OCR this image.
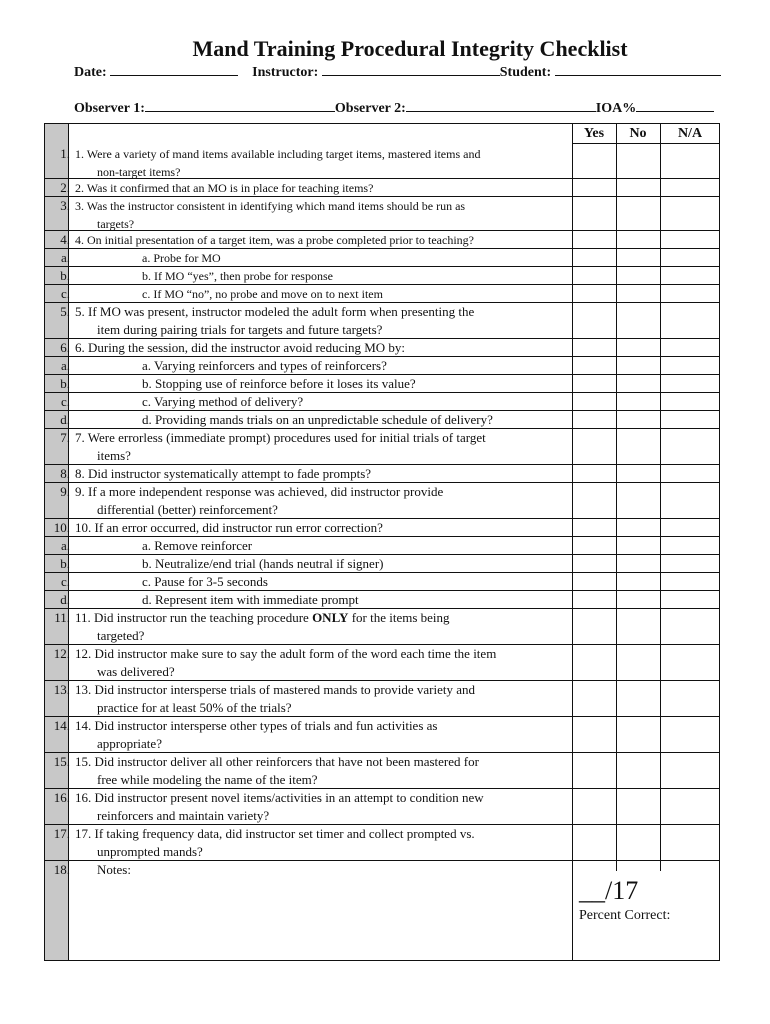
Mand Training Procedural Integrity Checklist
Date:	Instructor:	Student:
Observer 1:	Observer 2:	IOA%
Yes	No	N/A
1. 1. Were a variety of mand items available including target items, mastered items and
non-target items?
2. 2. Was it confirmed that an MO is in place for teaching items?
3. 3. Was the instructor consistent in identifying which mand items should be run as
targets?
4. 4. On initial presentation of a target item, was a probe completed prior to teaching?
a.	a. Probe for MO
b.	b. If MO “yes”, then probe for response
c.	c. If MO “no”, no probe and move on to next item
5. 5. If MO was present, instructor modeled the adult form when presenting the
item during pairing trials for targets and future targets?
6. 6. During the session, did the instructor avoid reducing MO by:
a.	a. Varying reinforcers and types of reinforcers?
b.	b. Stopping use of reinforce before it loses its value?
c.	c. Varying method of delivery?
d.	d. Providing mands trials on an unpredictable schedule of delivery?
7. 7. Were errorless (immediate prompt) procedures used for initial trials of target
items?
8. 8. Did instructor systematically attempt to fade prompts?
9. 9. If a more independent response was achieved, did instructor provide
differential (better) reinforcement?
10. 10. If an error occurred, did instructor run error correction?
a.	a. Remove reinforcer
b.	b. Neutralize/end trial (hands neutral if signer)
c.	c. Pause for 3-5 seconds
d.	d. Represent item with immediate prompt
11. 11. Did instructor run the teaching procedure ONLY for the items being
targeted?
12. 12. Did instructor make sure to say the adult form of the word each time the item
was delivered?
13. 13. Did instructor intersperse trials of mastered mands to provide variety and
practice for at least 50% of the trials?
14. 14. Did instructor intersperse other types of trials and fun activities as
appropriate?
15. 15. Did instructor deliver all other reinforcers that have not been mastered for
free while modeling the name of the item?
16. 16. Did instructor present novel items/activities in an attempt to condition new
reinforcers and maintain variety?
17. 17. If taking frequency data, did instructor set timer and collect prompted vs.
unprompted mands?
18. Notes:
__/17
Percent Correct:
